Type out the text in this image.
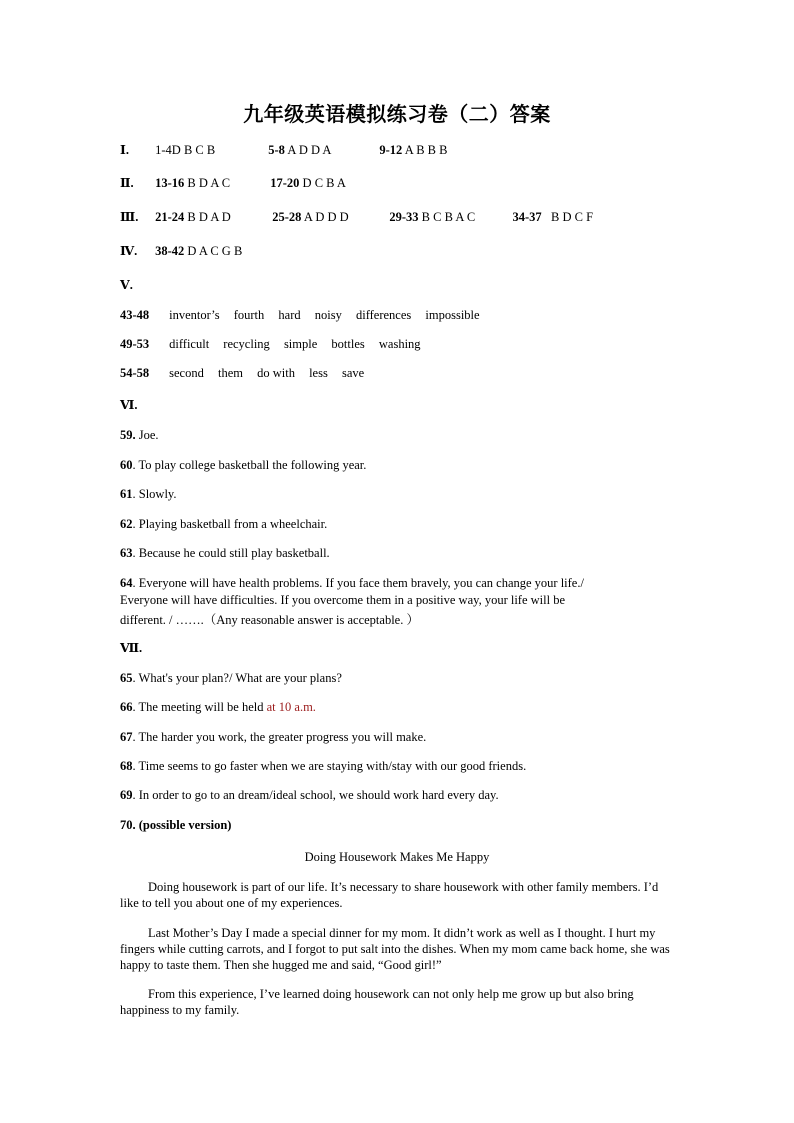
九年级英语模拟练习卷（二）答案
Ⅰ. 1-4D B C B	5-8 A D D A	9-12 A B B B
Ⅱ. 13-16 B D A C	17-20 D C B A
Ⅲ. 21-24 B D A D	25-28 A D D D	29-33 B C B A C	34-37 B D C F
Ⅳ. 38-42 D A C G B
Ⅴ.
43-48 inventor’s fourth hard noisy differences impossible
49-53 difficult recycling simple bottles washing
54-58 second them do with less save
Ⅵ.
59. Joe.
60. To play college basketball the following year.
61. Slowly.
62. Playing basketball from a wheelchair.
63. Because he could still play basketball.
64. Everyone will have health problems. If you face them bravely, you can change your life./
Everyone will have difficulties. If you overcome them in a positive way, your life will be
different. / …….（Any reasonable answer is acceptable. ）
Ⅶ.
65. What's your plan?/ What are your plans?
66. The meeting will be held at 10 a.m.
67. The harder you work, the greater progress you will make.
68. Time seems to go faster when we are staying with/stay with our good friends.
69. In order to go to an dream/ideal school, we should work hard every day.
70. (possible version)
Doing Housework Makes Me Happy
Doing housework is part of our life. It’s necessary to share housework with other family members. I’d like to tell you about one of my experiences.
Last Mother’s Day I made a special dinner for my mom. It didn’t work as well as I thought. I hurt my fingers while cutting carrots, and I forgot to put salt into the dishes. When my mom came back home, she was happy to taste them. Then she hugged me and said, “Good girl!”
From this experience, I’ve learned doing housework can not only help me grow up but also bring happiness to my family.
